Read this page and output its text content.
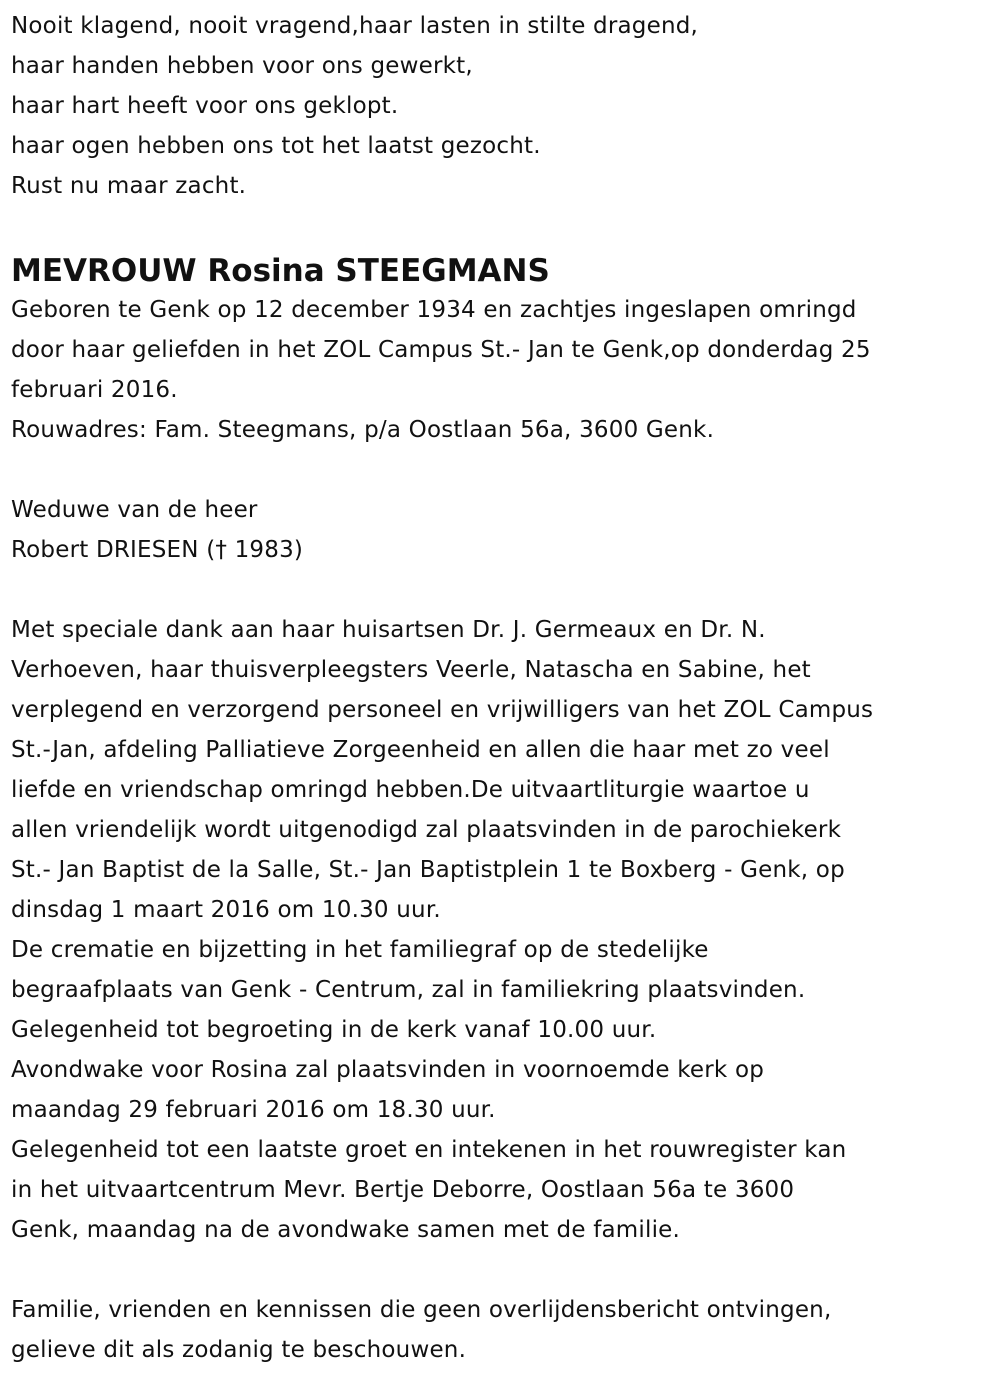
Nooit klagend, nooit vragend,haar lasten in stilte dragend,
haar handen hebben voor ons gewerkt,
haar hart heeft voor ons geklopt.
haar ogen hebben ons tot het laatst gezocht.
Rust nu maar zacht.
MEVROUW Rosina STEEGMANS
Geboren te Genk op 12 december 1934 en zachtjes ingeslapen omringd
door haar geliefden in het ZOL Campus St.- Jan te Genk,op donderdag 25
februari 2016.
Rouwadres: Fam. Steegmans, p/a Oostlaan 56a, 3600 Genk.
Weduwe van de heer
Robert DRIESEN († 1983)
Met speciale dank aan haar huisartsen Dr. J. Germeaux en Dr. N.
Verhoeven, haar thuisverpleegsters Veerle, Natascha en Sabine, het
verplegend en verzorgend personeel en vrijwilligers van het ZOL Campus
St.-Jan, afdeling Palliatieve Zorgeenheid en allen die haar met zo veel
liefde en vriendschap omringd hebben.De uitvaartliturgie waartoe u
allen vriendelijk wordt uitgenodigd zal plaatsvinden in de parochiekerk
St.- Jan Baptist de la Salle, St.- Jan Baptistplein 1 te Boxberg - Genk, op
dinsdag 1 maart 2016 om 10.30 uur.
De crematie en bijzetting in het familiegraf op de stedelijke
begraafplaats van Genk - Centrum, zal in familiekring plaatsvinden.
Gelegenheid tot begroeting in de kerk vanaf 10.00 uur.
Avondwake voor Rosina zal plaatsvinden in voornoemde kerk op
maandag 29 februari 2016 om 18.30 uur.
Gelegenheid tot een laatste groet en intekenen in het rouwregister kan
in het uitvaartcentrum Mevr. Bertje Deborre, Oostlaan 56a te 3600
Genk, maandag na de avondwake samen met de familie.
Familie, vrienden en kennissen die geen overlijdensbericht ontvingen,
gelieve dit als zodanig te beschouwen.
